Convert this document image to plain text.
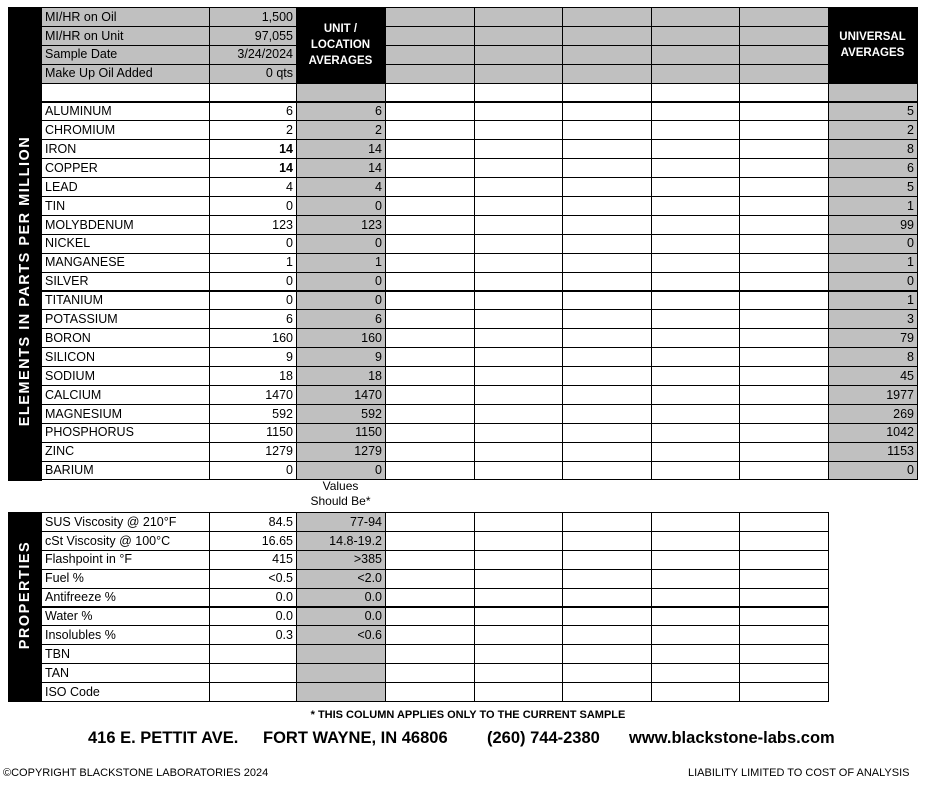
ELEMENTS IN PARTS PER MILLION
MI/HR on Oil	1,500
MI/HR on Unit	97,055
Sample Date	3/24/2024
Make Up Oil Added	0 qts
UNIT /
LOCATION
AVERAGES
UNIVERSAL
AVERAGES
ALUMINUM	6	6	5
CHROMIUM	2	2	2
IRON	14	14	8
COPPER	14	14	6
LEAD	4	4	5
TIN	0	0	1
MOLYBDENUM	123	123	99
NICKEL	0	0	0
MANGANESE	1	1	1
SILVER	0	0	0
TITANIUM	0	0	1
POTASSIUM	6	6	3
BORON	160	160	79
SILICON	9	9	8
SODIUM	18	18	45
CALCIUM	1470	1470	1977
MAGNESIUM	592	592	269
PHOSPHORUS	1150	1150	1042
ZINC	1279	1279	1153
BARIUM	0	0	0
Values
Should Be*
PROPERTIES
SUS Viscosity @ 210°F	84.5	77-94
cSt Viscosity @ 100°C	16.65	14.8-19.2
Flashpoint in °F	415	>385
Fuel %	<0.5	<2.0
Antifreeze %	0.0	0.0
Water %	0.0	0.0
Insolubles %	0.3	<0.6
TBN
TAN
ISO Code
* THIS COLUMN APPLIES ONLY TO THE CURRENT SAMPLE
416 E. PETTIT AVE. FORT WAYNE, IN 46806 (260) 744-2380 www.blackstone-labs.com
©COPYRIGHT BLACKSTONE LABORATORIES 2024	LIABILITY LIMITED TO COST OF ANALYSIS
